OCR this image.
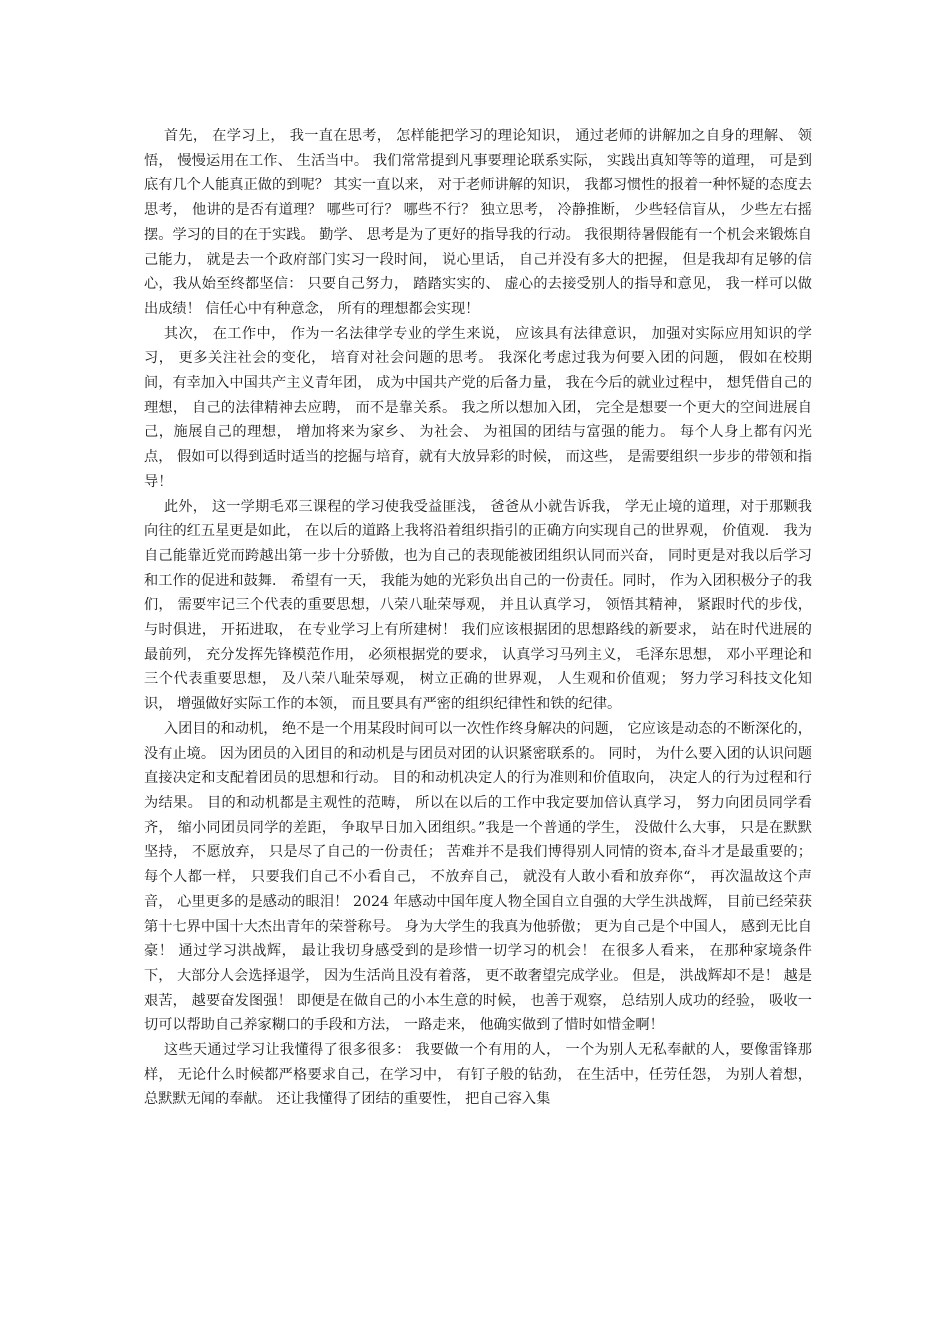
首先， 在学习上， 我一直在思考， 怎样能把学习的理论知识， 通过老师的讲解加之自身的理解、 领悟， 慢慢运用在工作、 生活当中。 我们常常提到凡事要理论联系实际， 实践出真知等等的道理， 可是到底有几个人能真正做的到呢？ 其实一直以来， 对于老师讲解的知识， 我都习惯性的报着一种怀疑的态度去思考， 他讲的是否有道理？ 哪些可行？ 哪些不行？ 独立思考， 冷静推断， 少些轻信盲从， 少些左右摇摆。学习的目的在于实践。 勤学、 思考是为了更好的指导我的行动。 我很期待暑假能有一个机会来锻炼自己能力， 就是去一个政府部门实习一段时间， 说心里话， 自己并没有多大的把握， 但是我却有足够的信心，我从始至终都坚信： 只要自己努力， 踏踏实实的、 虚心的去接受别人的指导和意见， 我一样可以做出成绩！ 信任心中有种意念， 所有的理想都会实现！

其次， 在工作中， 作为一名法律学专业的学生来说， 应该具有法律意识， 加强对实际应用知识的学习， 更多关注社会的变化， 培育对社会问题的思考。 我深化考虑过我为何要入团的问题， 假如在校期间，有幸加入中国共产主义青年团， 成为中国共产党的后备力量， 我在今后的就业过程中， 想凭借自己的理想， 自己的法律精神去应聘， 而不是靠关系。 我之所以想加入团， 完全是想要一个更大的空间进展自己，施展自己的理想， 增加将来为家乡、 为社会、 为祖国的团结与富强的能力。 每个人身上都有闪光点， 假如可以得到适时适当的挖掘与培育，就有大放异彩的时候， 而这些， 是需要组织一步步的带领和指导！

此外， 这一学期毛邓三课程的学习使我受益匪浅， 爸爸从小就告诉我， 学无止境的道理，对于那颗我向往的红五星更是如此， 在以后的道路上我将沿着组织指引的正确方向实现自己的世界观， 价值观． 我为自己能靠近党而跨越出第一步十分骄傲，也为自己的表现能被团组织认同而兴奋， 同时更是对我以后学习和工作的促进和鼓舞． 希望有一天， 我能为她的光彩负出自己的一份责任。同时， 作为入团积极分子的我们， 需要牢记三个代表的重要思想，八荣八耻荣辱观， 并且认真学习， 领悟其精神， 紧跟时代的步伐， 与时俱进， 开拓进取， 在专业学习上有所建树！ 我们应该根据团的思想路线的新要求， 站在时代进展的最前列， 充分发挥先锋模范作用， 必须根据党的要求， 认真学习马列主义， 毛泽东思想， 邓小平理论和三个代表重要思想， 及八荣八耻荣辱观， 树立正确的世界观， 人生观和价值观； 努力学习科技文化知识， 增强做好实际工作的本领， 而且要具有严密的组织纪律性和铁的纪律。

入团目的和动机， 绝不是一个用某段时间可以一次性作终身解决的问题， 它应该是动态的不断深化的， 没有止境。 因为团员的入团目的和动机是与团员对团的认识紧密联系的。 同时， 为什么要入团的认识问题直接决定和支配着团员的思想和行动。 目的和动机决定人的行为准则和价值取向， 决定人的行为过程和行为结果。 目的和动机都是主观性的范畴， 所以在以后的工作中我定要加倍认真学习， 努力向团员同学看齐， 缩小同团员同学的差距， 争取早日加入团组织。”我是一个普通的学生， 没做什么大事， 只是在默默坚持， 不愿放弃， 只是尽了自己的一份责任； 苦难并不是我们博得别人同情的资本,奋斗才是最重要的； 每个人都一样， 只要我们自己不小看自己， 不放弃自己， 就没有人敢小看和放弃你“， 再次温故这个声音， 心里更多的是感动的眼泪！ 2024 年感动中国年度人物全国自立自强的大学生洪战辉， 目前已经荣获第十七界中国十大杰出青年的荣誉称号。 身为大学生的我真为他骄傲； 更为自己是个中国人， 感到无比自豪！ 通过学习洪战辉， 最让我切身感受到的是珍惜一切学习的机会！ 在很多人看来， 在那种家境条件下， 大部分人会选择退学， 因为生活尚且没有着落， 更不敢奢望完成学业。 但是， 洪战辉却不是！ 越是艰苦， 越要奋发图强！ 即便是在做自己的小本生意的时候， 也善于观察， 总结别人成功的经验， 吸收一切可以帮助自己养家糊口的手段和方法， 一路走来， 他确实做到了惜时如惜金啊！

这些天通过学习让我懂得了很多很多： 我要做一个有用的人， 一个为别人无私奉献的人，要像雷锋那样， 无论什么时候都严格要求自己，在学习中， 有钉子般的钻劲， 在生活中，任劳任怨， 为别人着想， 总默默无闻的奉献。 还让我懂得了团结的重要性， 把自己容入集
